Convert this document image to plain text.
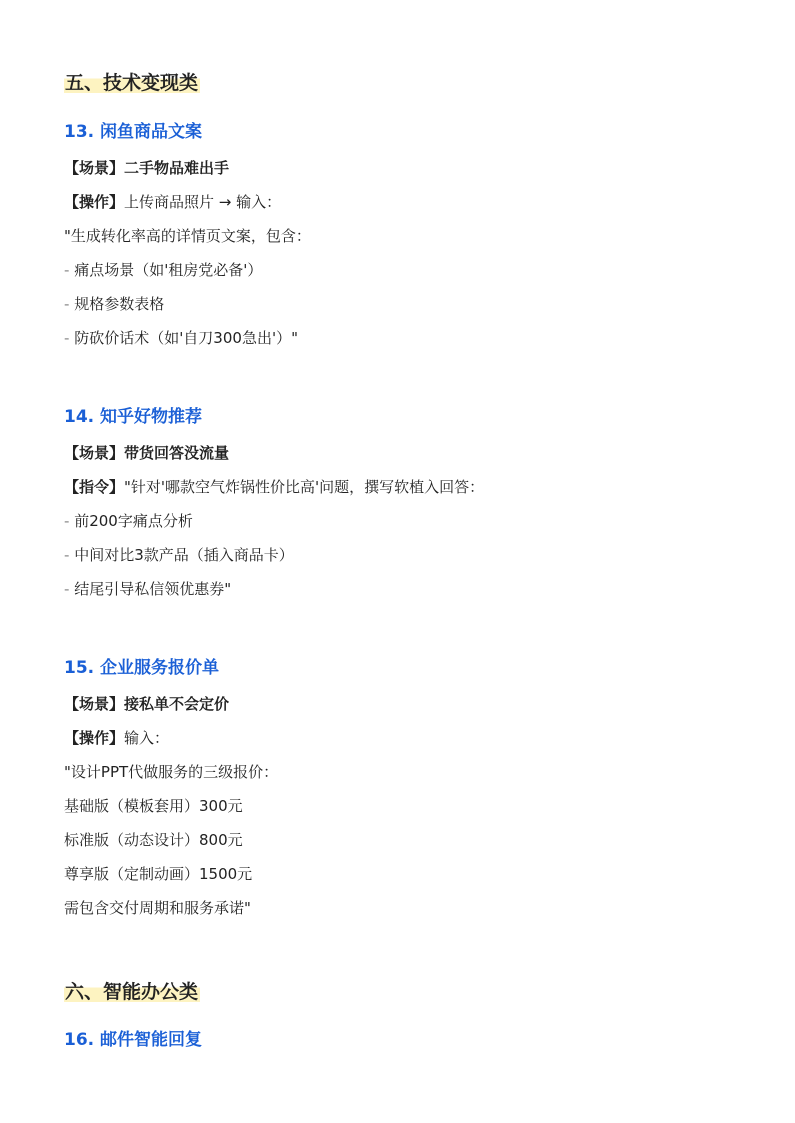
五、技术变现类
13. 闲鱼商品文案
【场景】二手物品难出手
【操作】上传商品照片 → 输入：
"生成转化率高的详情页文案，包含：
- 痛点场景（如'租房党必备'）
- 规格参数表格
- 防砍价话术（如'自刀300急出'）"
14. 知乎好物推荐
【场景】带货回答没流量
【指令】"针对'哪款空气炸锅性价比高'问题，撰写软植入回答：
- 前200字痛点分析
- 中间对比3款产品（插入商品卡）
- 结尾引导私信领优惠券"
15. 企业服务报价单
【场景】接私单不会定价
【操作】输入：
"设计PPT代做服务的三级报价：
基础版（模板套用）300元
标准版（动态设计）800元
尊享版（定制动画）1500元
需包含交付周期和服务承诺"
六、智能办公类
16. 邮件智能回复
